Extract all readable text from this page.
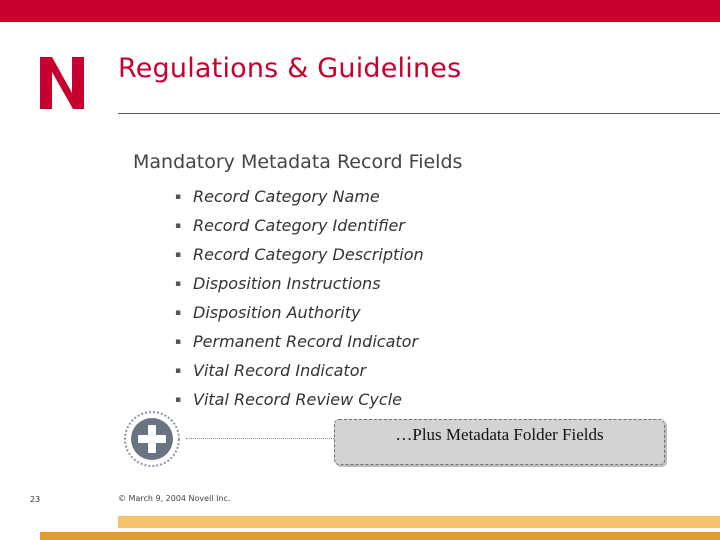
Regulations & Guidelines
Mandatory Metadata Record Fields
▪ Record Category Name
▪ Record Category Identifier
▪ Record Category Description
▪ Disposition Instructions
▪ Disposition Authority
▪ Permanent Record Indicator
▪ Vital Record Indicator
▪ Vital Record Review Cycle
…Plus Metadata Folder Fields
23	© March 9, 2004 Novell Inc.
